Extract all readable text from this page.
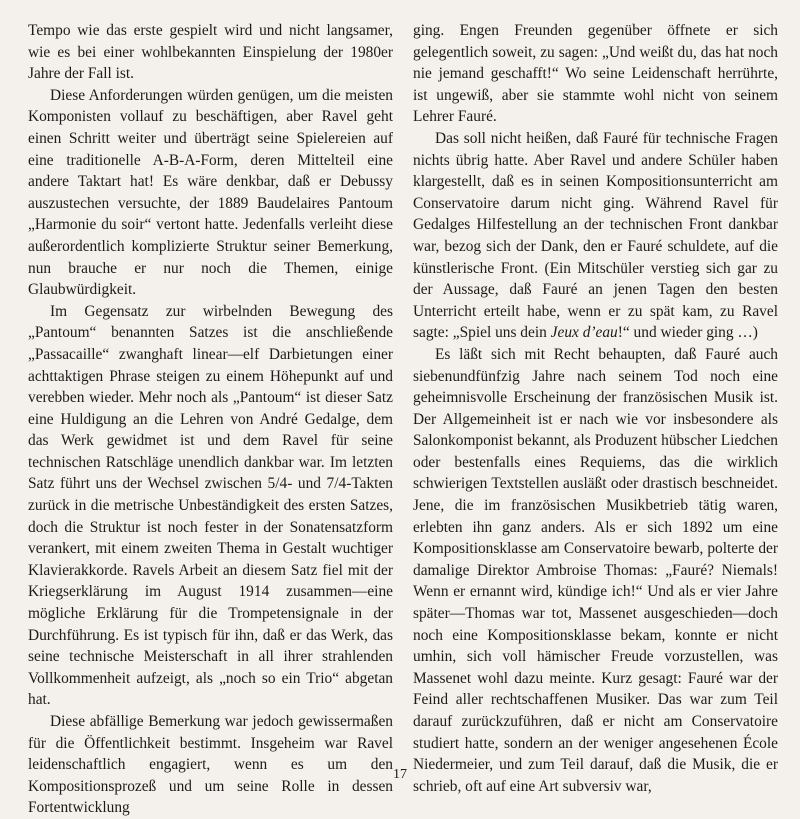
Tempo wie das erste gespielt wird und nicht langsamer, wie es bei einer wohlbekannten Einspielung der 1980er Jahre der Fall ist.

Diese Anforderungen würden genügen, um die meisten Komponisten vollauf zu beschäftigen, aber Ravel geht einen Schritt weiter und überträgt seine Spielereien auf eine traditionelle A-B-A-Form, deren Mittelteil eine andere Taktart hat! Es wäre denkbar, daß er Debussy auszustechen versuchte, der 1889 Baudelaires Pantoum „Harmonie du soir“ vertont hatte. Jedenfalls verleiht diese außerordentlich komplizierte Struktur seiner Bemerkung, nun brauche er nur noch die Themen, einige Glaubwürdigkeit.

Im Gegensatz zur wirbelnden Bewegung des „Pantoum“ benannten Satzes ist die anschließende „Passacaille“ zwanghaft linear—elf Darbietungen einer achttaktigen Phrase steigen zu einem Höhepunkt auf und verebben wieder. Mehr noch als „Pantoum“ ist dieser Satz eine Huldigung an die Lehren von André Gedalge, dem das Werk gewidmet ist und dem Ravel für seine technischen Ratschläge unendlich dankbar war. Im letzten Satz führt uns der Wechsel zwischen 5/4- und 7/4-Takten zurück in die metrische Unbeständigkeit des ersten Satzes, doch die Struktur ist noch fester in der Sonatensatzform verankert, mit einem zweiten Thema in Gestalt wuchtiger Klavierakkorde. Ravels Arbeit an diesem Satz fiel mit der Kriegserklärung im August 1914 zusammen—eine mögliche Erklärung für die Trompetensignale in der Durchführung. Es ist typisch für ihn, daß er das Werk, das seine technische Meisterschaft in all ihrer strahlenden Vollkommenheit aufzeigt, als „noch so ein Trio“ abgetan hat.

Diese abfällige Bemerkung war jedoch gewissermaßen für die Öffentlichkeit bestimmt. Insgeheim war Ravel leidenschaftlich engagiert, wenn es um den Kompositionsprozeß und um seine Rolle in dessen Fortentwicklung

ging. Engen Freunden gegenüber öffnete er sich gelegentlich soweit, zu sagen: „Und weißt du, das hat noch nie jemand geschafft!“ Wo seine Leidenschaft herrührte, ist ungewiß, aber sie stammte wohl nicht von seinem Lehrer Fauré.

Das soll nicht heißen, daß Fauré für technische Fragen nichts übrig hatte. Aber Ravel und andere Schüler haben klargestellt, daß es in seinen Kompositionsunterricht am Conservatoire darum nicht ging. Während Ravel für Gedalges Hilfestellung an der technischen Front dankbar war, bezog sich der Dank, den er Fauré schuldete, auf die künstlerische Front. (Ein Mitschüler verstieg sich gar zu der Aussage, daß Fauré an jenen Tagen den besten Unterricht erteilt habe, wenn er zu spät kam, zu Ravel sagte: „Spiel uns dein Jeux d’eau!“ und wieder ging …)

Es läßt sich mit Recht behaupten, daß Fauré auch siebenundfünfzig Jahre nach seinem Tod noch eine geheimnisvolle Erscheinung der französischen Musik ist. Der Allgemeinheit ist er nach wie vor insbesondere als Salonkomponist bekannt, als Produzent hübscher Liedchen oder bestenfalls eines Requiems, das die wirklich schwierigen Textstellen ausläßt oder drastisch beschneidet. Jene, die im französischen Musikbetrieb tätig waren, erlebten ihn ganz anders. Als er sich 1892 um eine Kompositionsklasse am Conservatoire bewarb, polterte der damalige Direktor Ambroise Thomas: „Fauré? Niemals! Wenn er ernannt wird, kündige ich!“ Und als er vier Jahre später—Thomas war tot, Massenet ausgeschieden—doch noch eine Kompositionsklasse bekam, konnte er nicht umhin, sich voll hämischer Freude vorzustellen, was Massenet wohl dazu meinte. Kurz gesagt: Fauré war der Feind aller rechtschaffenen Musiker. Das war zum Teil darauf zurückzuführen, daß er nicht am Conservatoire studiert hatte, sondern an der weniger angesehenen École Niedermeier, und zum Teil darauf, daß die Musik, die er schrieb, oft auf eine Art subversiv war,

17
